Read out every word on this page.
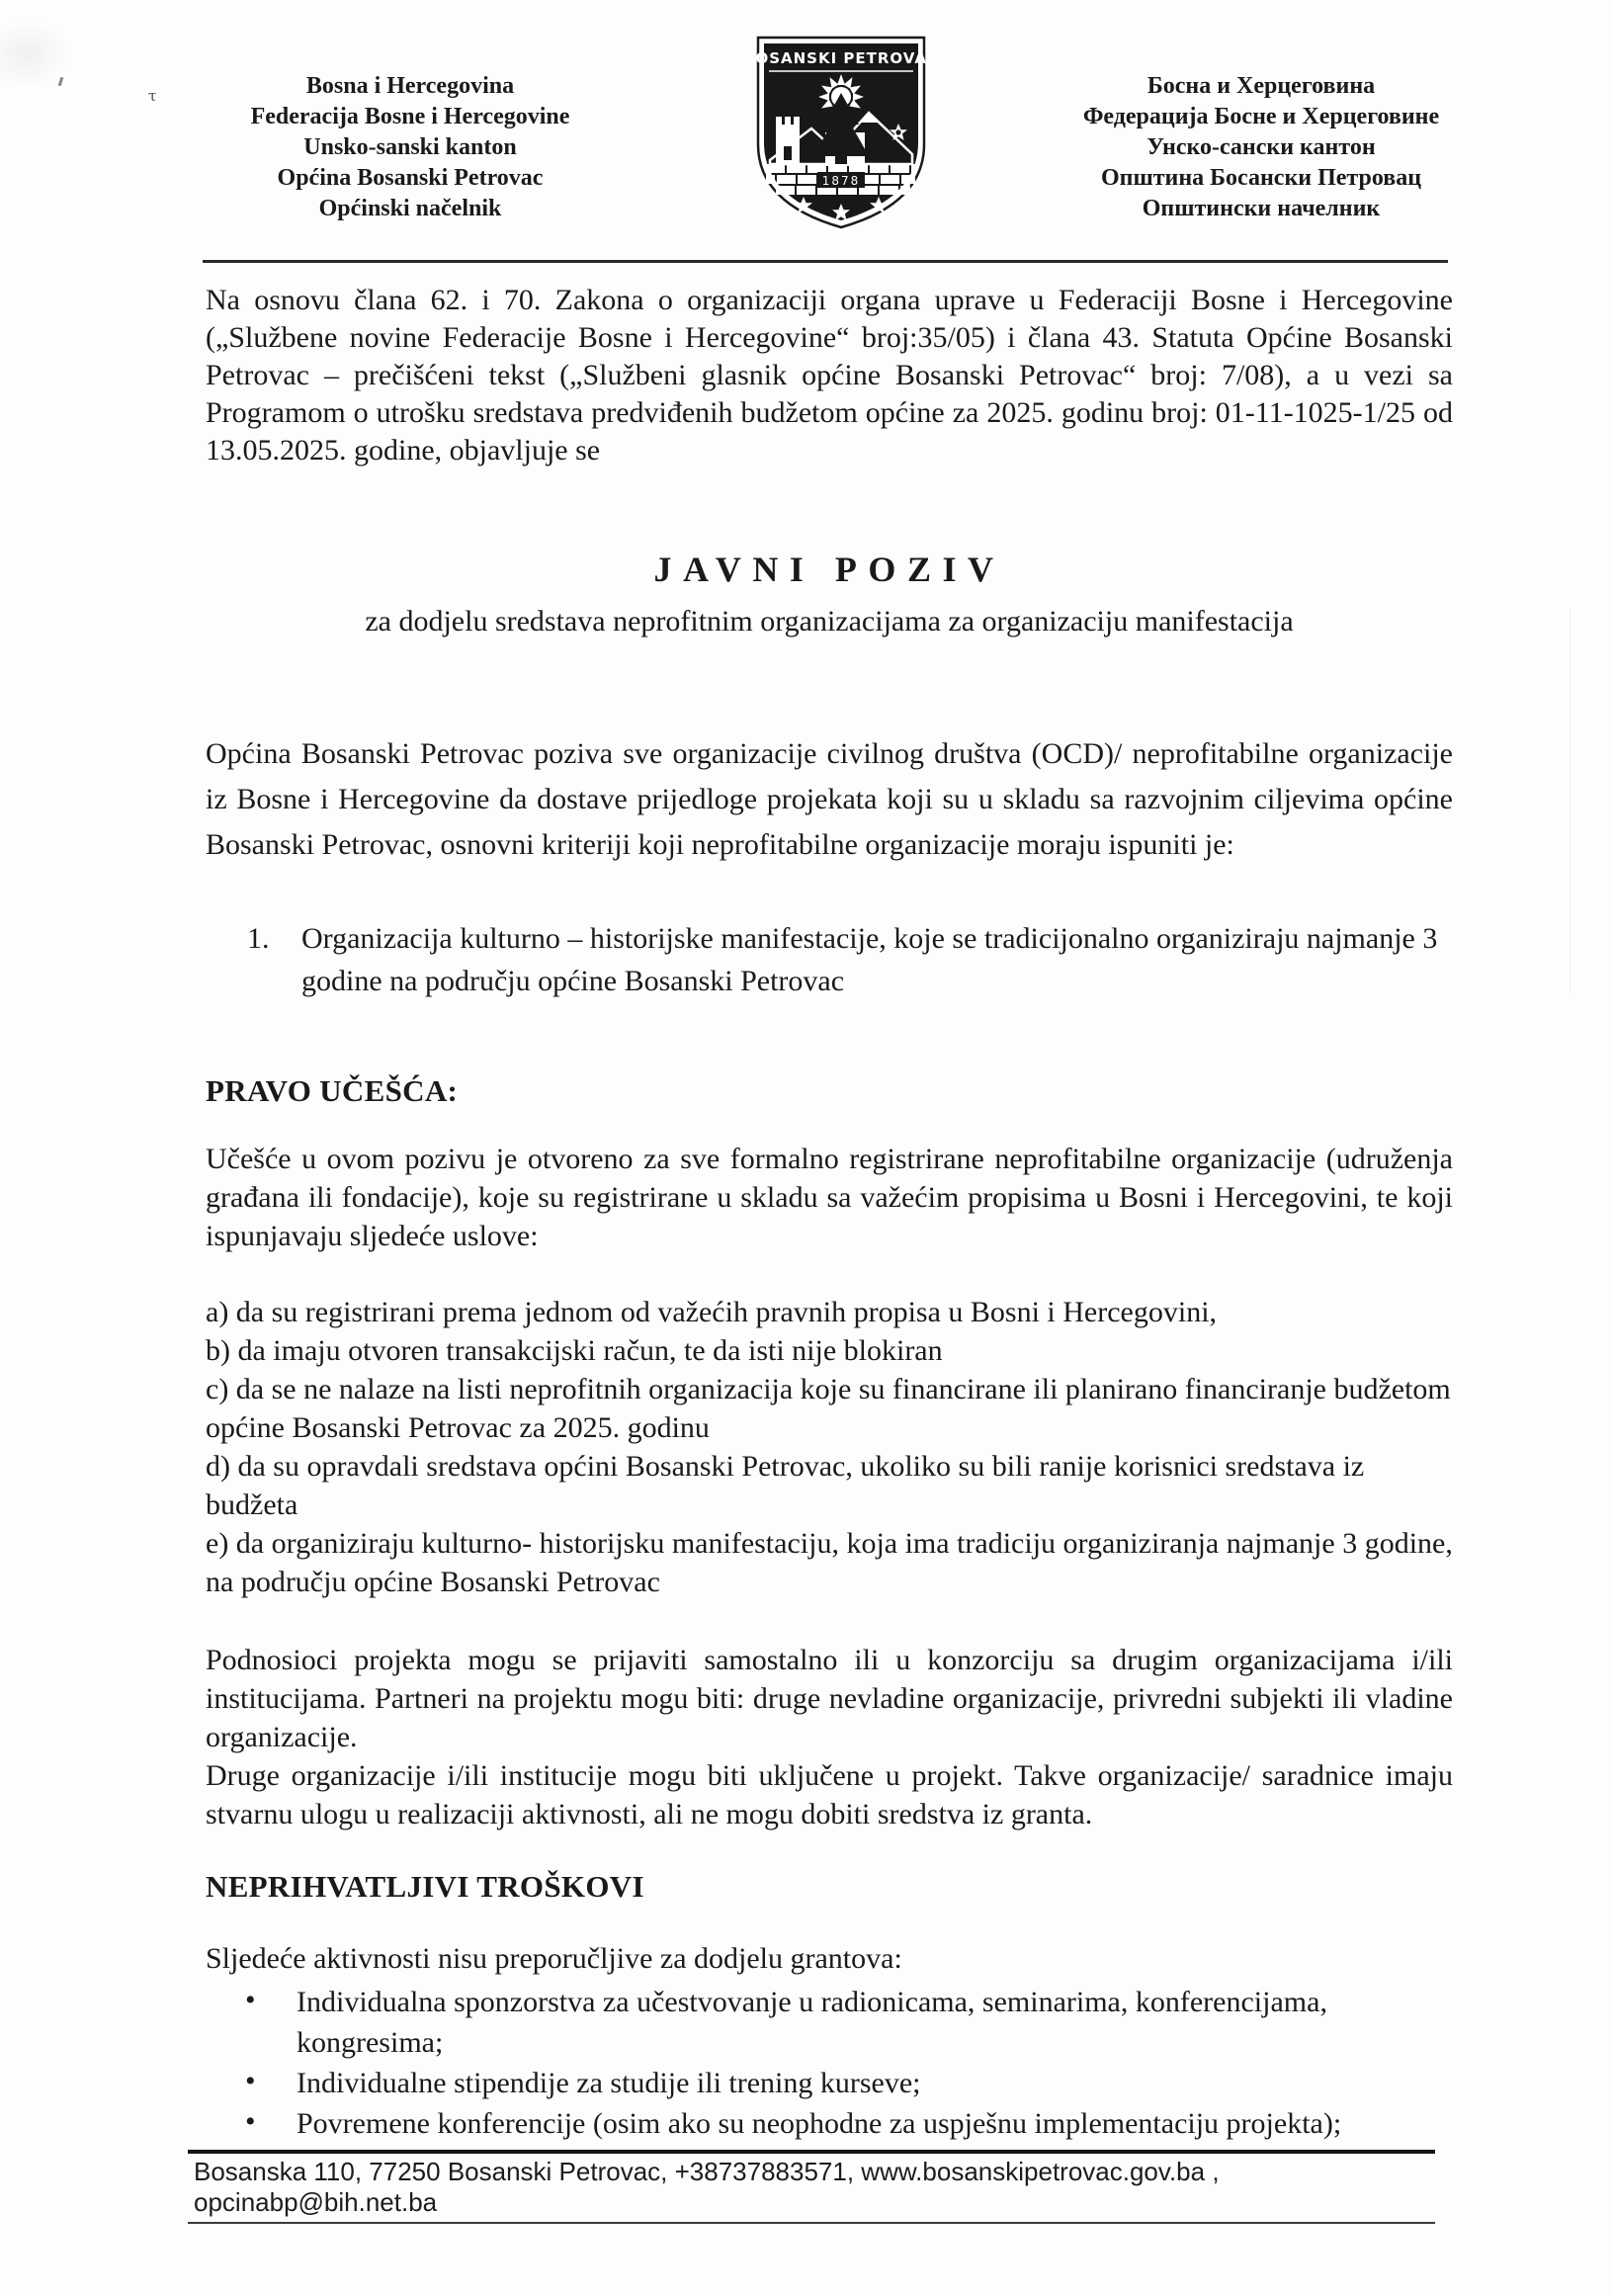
τ	Bosna i Hercegovina
Federacija Bosne i Hercegovine
Unsko-sanski kanton
Općina Bosanski Petrovac
Općinski načelnik
BOSANSKI PETROVAC
1878
Босна и Херцеговина
Федерација Босне и Херцеговине
Унско-сански кантон
Општина Босански Петровац
Општински начелник

Na osnovu člana 62. i 70. Zakona o organizaciji organa uprave u Federaciji Bosne i Hercegovine („Službene novine Federacije Bosne i Hercegovine“ broj:35/05) i člana 43. Statuta Općine Bosanski Petrovac – prečišćeni tekst („Službeni glasnik općine Bosanski Petrovac“ broj: 7/08), a u vezi sa Programom o utrošku sredstava predviđenih budžetom općine za 2025. godinu broj: 01-11-1025-1/25 od 13.05.2025. godine, objavljuje se

JAVNI POZIV

za dodjelu sredstava neprofitnim organizacijama za organizaciju manifestacija

Općina Bosanski Petrovac poziva sve organizacije civilnog društva (OCD)/ neprofitabilne organizacije iz Bosne i Hercegovine da dostave prijedloge projekata koji su u skladu sa razvojnim ciljevima općine Bosanski Petrovac, osnovni kriteriji koji neprofitabilne organizacije moraju ispuniti je:

1. Organizacija kulturno – historijske manifestacije, koje se tradicijonalno organiziraju najmanje 3 godine na području općine Bosanski Petrovac
PRAVO UČEŠĆA:

Učešće u ovom pozivu je otvoreno za sve formalno registrirane neprofitabilne organizacije (udruženja građana ili fondacije), koje su registrirane u skladu sa važećim propisima u Bosni i Hercegovini, te koji ispunjavaju sljedeće uslove:

a) da su registrirani prema jednom od važećih pravnih propisa u Bosni i Hercegovini,
b) da imaju otvoren transakcijski račun, te da isti nije blokiran
c) da se ne nalaze na listi neprofitnih organizacija koje su financirane ili planirano financiranje budžetom općine Bosanski Petrovac za 2025. godinu
d) da su opravdali sredstava općini Bosanski Petrovac, ukoliko su bili ranije korisnici sredstava iz budžeta
e) da organiziraju kulturno- historijsku manifestaciju, koja ima tradiciju organiziranja najmanje 3 godine, na području općine Bosanski Petrovac

Podnosioci projekta mogu se prijaviti samostalno ili u konzorciju sa drugim organizacijama i/ili institucijama. Partneri na projektu mogu biti: druge nevladine organizacije, privredni subjekti ili vladine organizacije.

Druge organizacije i/ili institucije mogu biti uključene u projekt. Takve organizacije/ saradnice imaju stvarnu ulogu u realizaciji aktivnosti, ali ne mogu dobiti sredstva iz granta.

NEPRIHVATLJIVI TROŠKOVI

Sljedeće aktivnosti nisu preporučljive za dodjelu grantova:

• Individualna sponzorstva za učestvovanje u radionicama, seminarima, konferencijama, kongresima;
• Individualne stipendije za studije ili trening kurseve;
• Povremene konferencije (osim ako su neophodne za uspješnu implementaciju projekta);
Bosanska 110, 77250 Bosanski Petrovac, +38737883571, www.bosanskipetrovac.gov.ba , opcinabp@bih.net.ba
